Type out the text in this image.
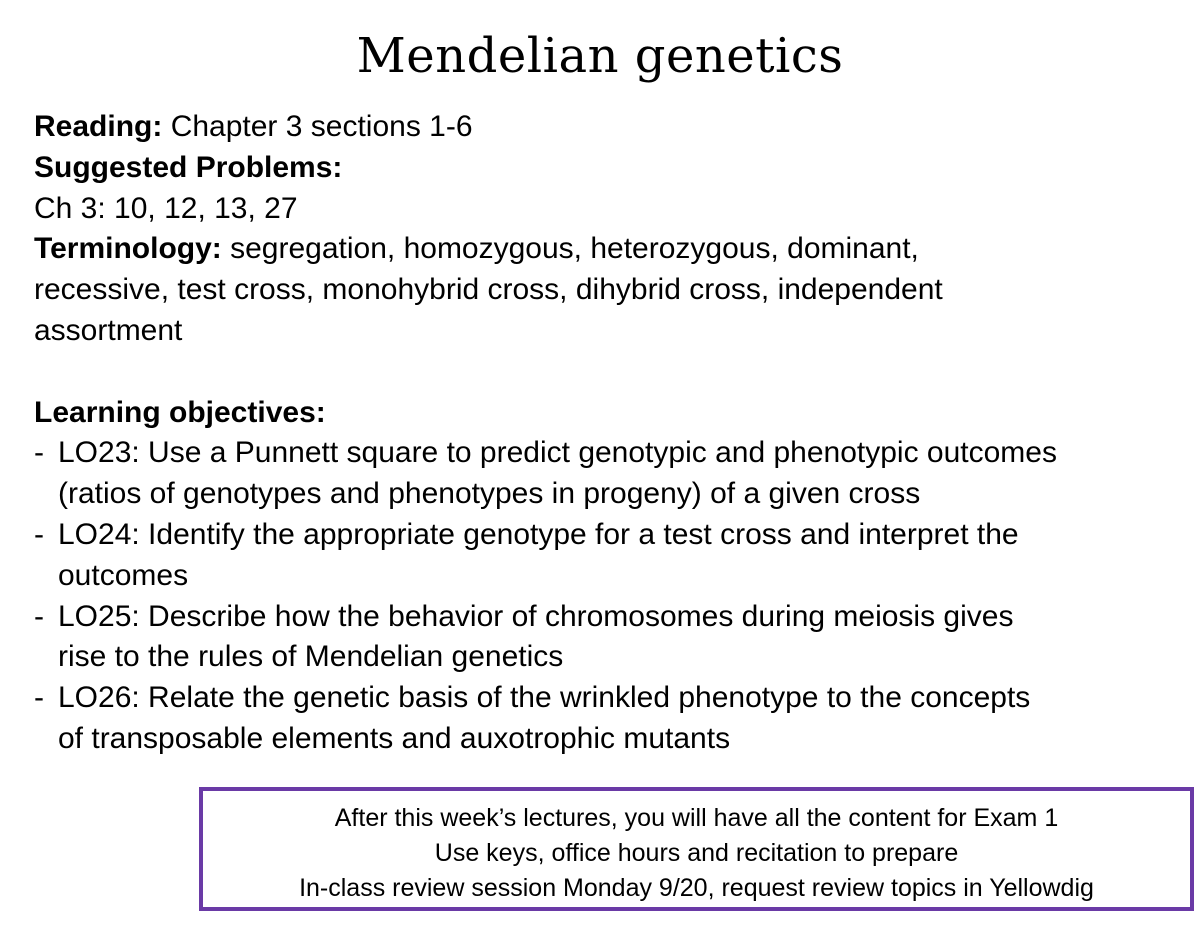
Mendelian genetics
Reading: Chapter 3 sections 1-6
Suggested Problems:
Ch 3: 10, 12, 13, 27
Terminology: segregation, homozygous, heterozygous, dominant,
recessive, test cross, monohybrid cross, dihybrid cross, independent
assortment
Learning objectives:
- LO23: Use a Punnett square to predict genotypic and phenotypic outcomes
(ratios of genotypes and phenotypes in progeny) of a given cross
- LO24: Identify the appropriate genotype for a test cross and interpret the
outcomes
- LO25: Describe how the behavior of chromosomes during meiosis gives
rise to the rules of Mendelian genetics
- LO26: Relate the genetic basis of the wrinkled phenotype to the concepts
of transposable elements and auxotrophic mutants
After this week’s lectures, you will have all the content for Exam 1
Use keys, office hours and recitation to prepare
In-class review session Monday 9/20, request review topics in Yellowdig
